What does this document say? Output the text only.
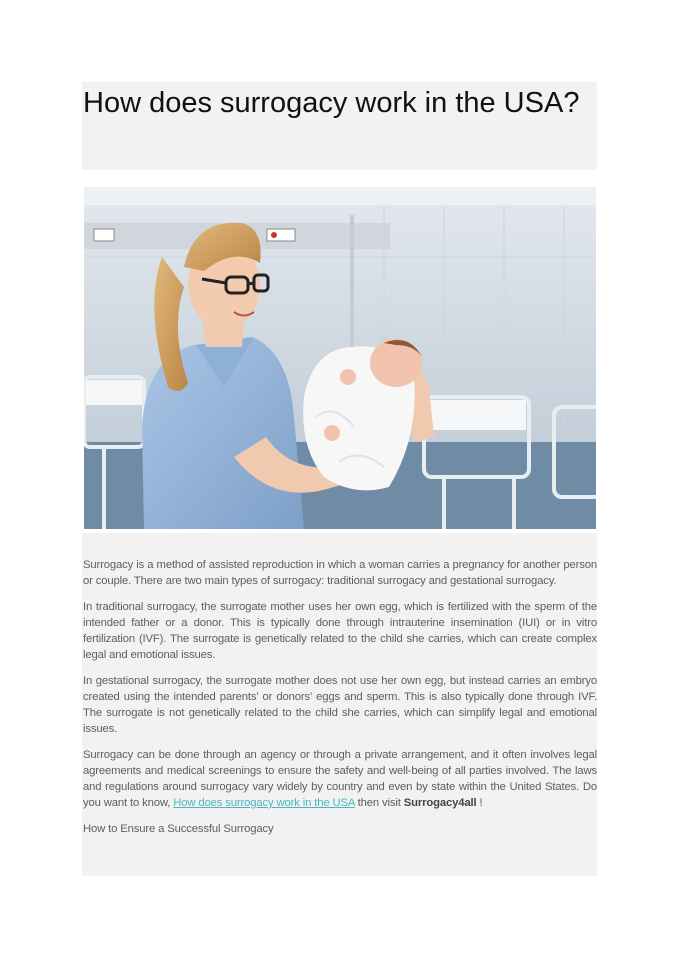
How does surrogacy work in the USA?

Surrogacy is a method of assisted reproduction in which a woman carries a pregnancy for another person or couple. There are two main types of surrogacy: traditional surrogacy and gestational surrogacy.

In traditional surrogacy, the surrogate mother uses her own egg, which is fertilized with the sperm of the intended father or a donor. This is typically done through intrauterine insemination (IUI) or in vitro fertilization (IVF). The surrogate is genetically related to the child she carries, which can create complex legal and emotional issues.

In gestational surrogacy, the surrogate mother does not use her own egg, but instead carries an embryo created using the intended parents' or donors' eggs and sperm. This is also typically done through IVF. The surrogate is not genetically related to the child she carries, which can simplify legal and emotional issues.

Surrogacy can be done through an agency or through a private arrangement, and it often involves legal agreements and medical screenings to ensure the safety and well-being of all parties involved. The laws and regulations around surrogacy vary widely by country and even by state within the United States. Do you want to know, How does surrogacy work in the USA then visit Surrogacy4all !

How to Ensure a Successful Surrogacy
